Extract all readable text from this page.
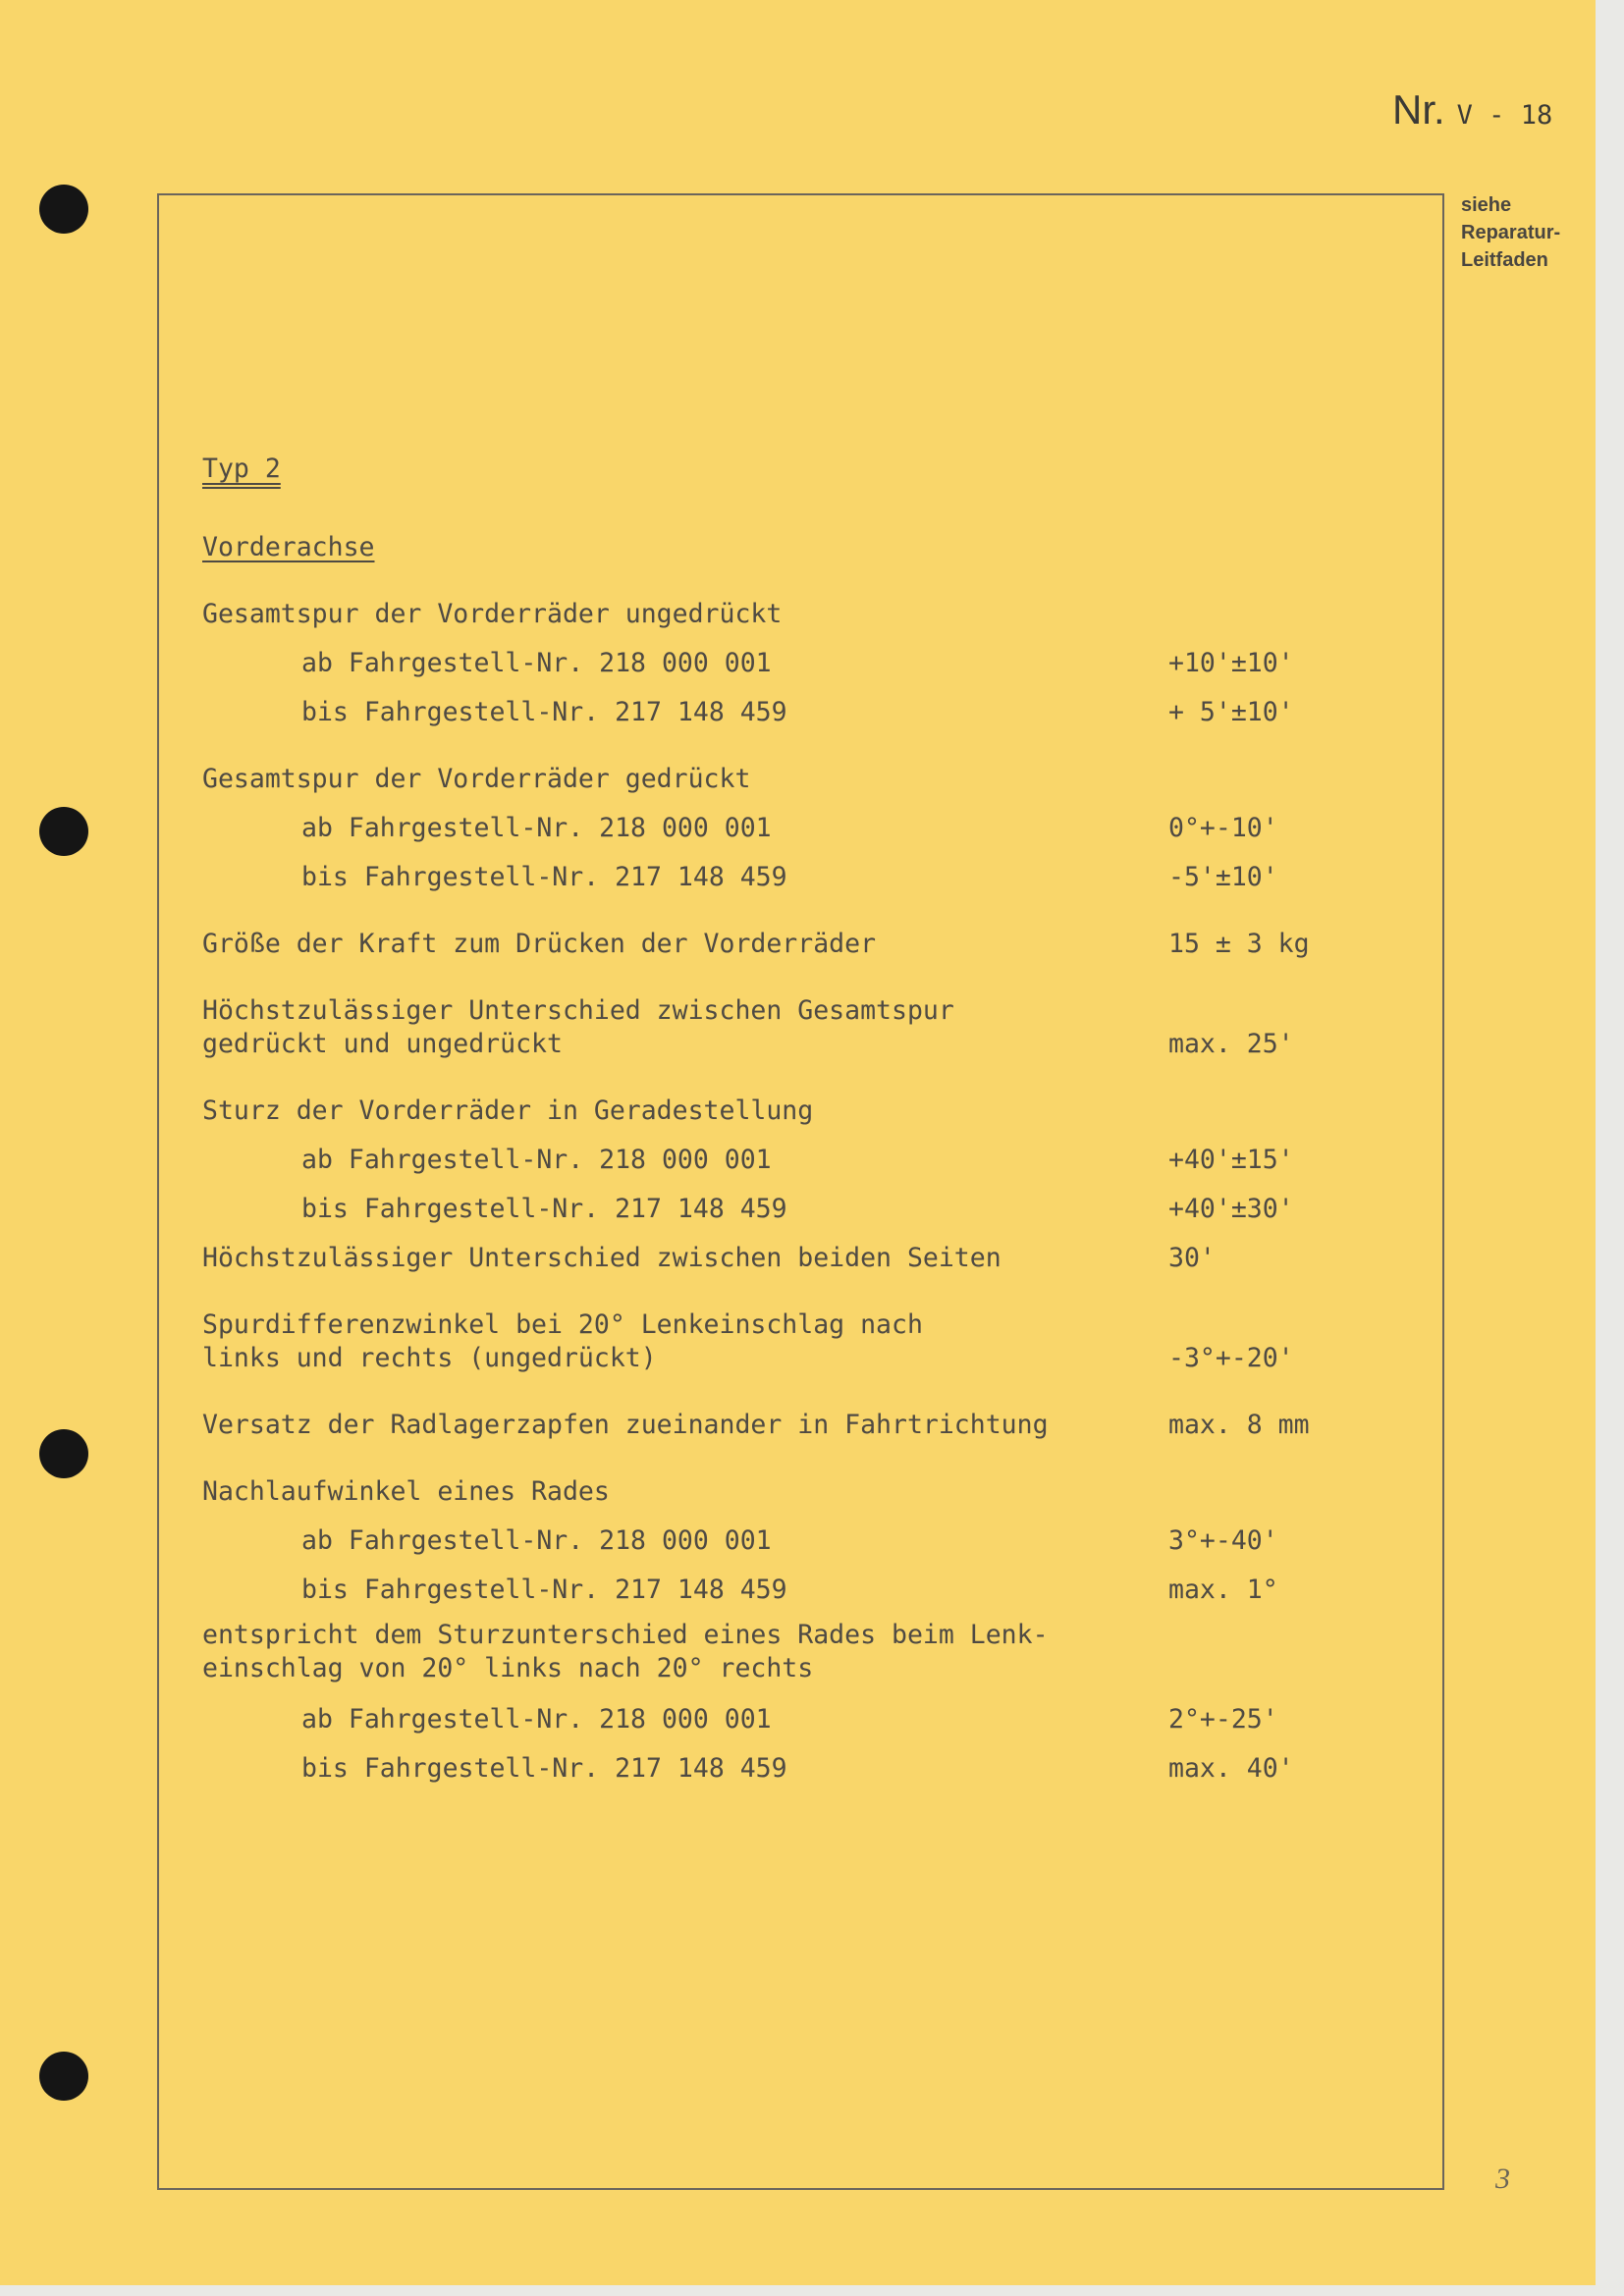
Nr. V - 18
siehe
Reparatur-
Leitfaden
Typ 2
Vorderachse
Gesamtspur der Vorderräder ungedrückt
ab Fahrgestell-Nr. 218 000 001	+10'±10'
bis Fahrgestell-Nr. 217 148 459	+ 5'±10'
Gesamtspur der Vorderräder gedrückt
ab Fahrgestell-Nr. 218 000 001	0°+-10'
bis Fahrgestell-Nr. 217 148 459	-5'±10'
Größe der Kraft zum Drücken der Vorderräder	15 ± 3 kg
Höchstzulässiger Unterschied zwischen Gesamtspur
gedrückt und ungedrückt	max. 25'
Sturz der Vorderräder in Geradestellung
ab Fahrgestell-Nr. 218 000 001	+40'±15'
bis Fahrgestell-Nr. 217 148 459	+40'±30'
Höchstzulässiger Unterschied zwischen beiden Seiten	30'
Spurdifferenzwinkel bei 20° Lenkeinschlag nach
links und rechts (ungedrückt)	-3°+-20'
Versatz der Radlagerzapfen zueinander in Fahrtrichtung	max. 8 mm
Nachlaufwinkel eines Rades
ab Fahrgestell-Nr. 218 000 001	3°+-40'
bis Fahrgestell-Nr. 217 148 459	max. 1°
entspricht dem Sturzunterschied eines Rades beim Lenk-
einschlag von 20° links nach 20° rechts
ab Fahrgestell-Nr. 218 000 001	2°+-25'
bis Fahrgestell-Nr. 217 148 459	max. 40'
3
